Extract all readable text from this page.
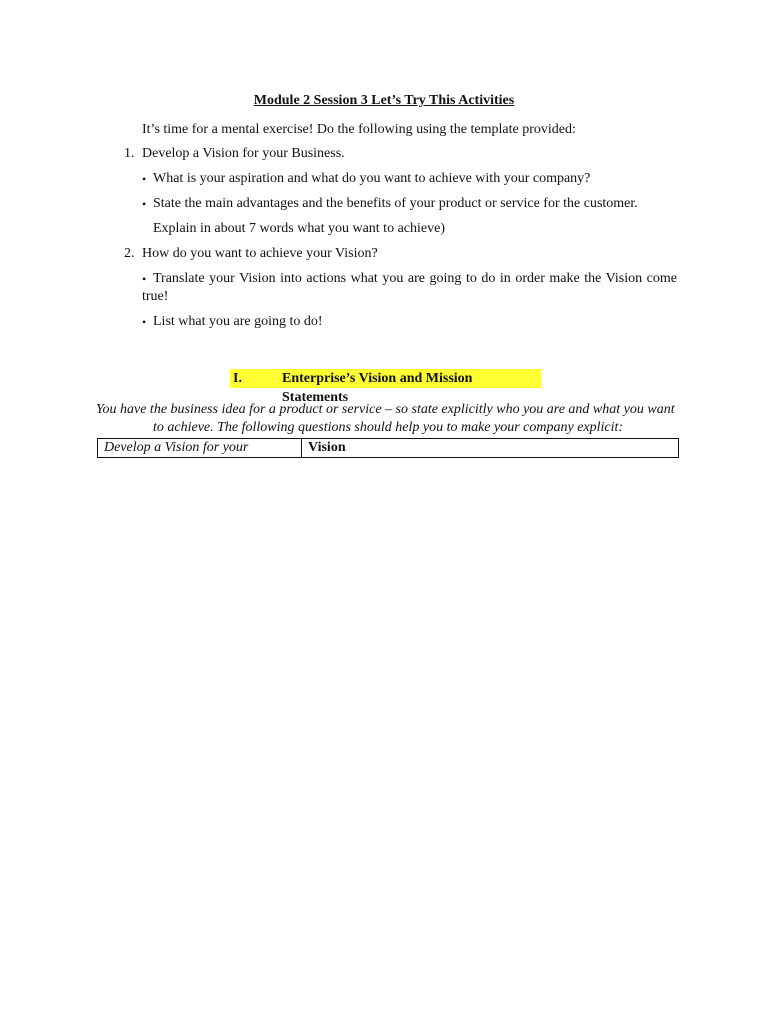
Module 2 Session 3 Let’s Try This Activities
It’s time for a mental exercise! Do the following using the template provided:
1. Develop a Vision for your Business.
• What is your aspiration and what do you want to achieve with your company?
• State the main advantages and the benefits of your product or service for the customer.
Explain in about 7 words what you want to achieve)
2. How do you want to achieve your Vision?
• Translate your Vision into actions what you are going to do in order make the Vision come true!
• List what you are going to do!
I.	Enterprise’s Vision and Mission Statements
You have the business idea for a product or service – so state explicitly who you are and what you want
to achieve. The following questions should help you to make your company explicit:
Develop a Vision for your	Vision
